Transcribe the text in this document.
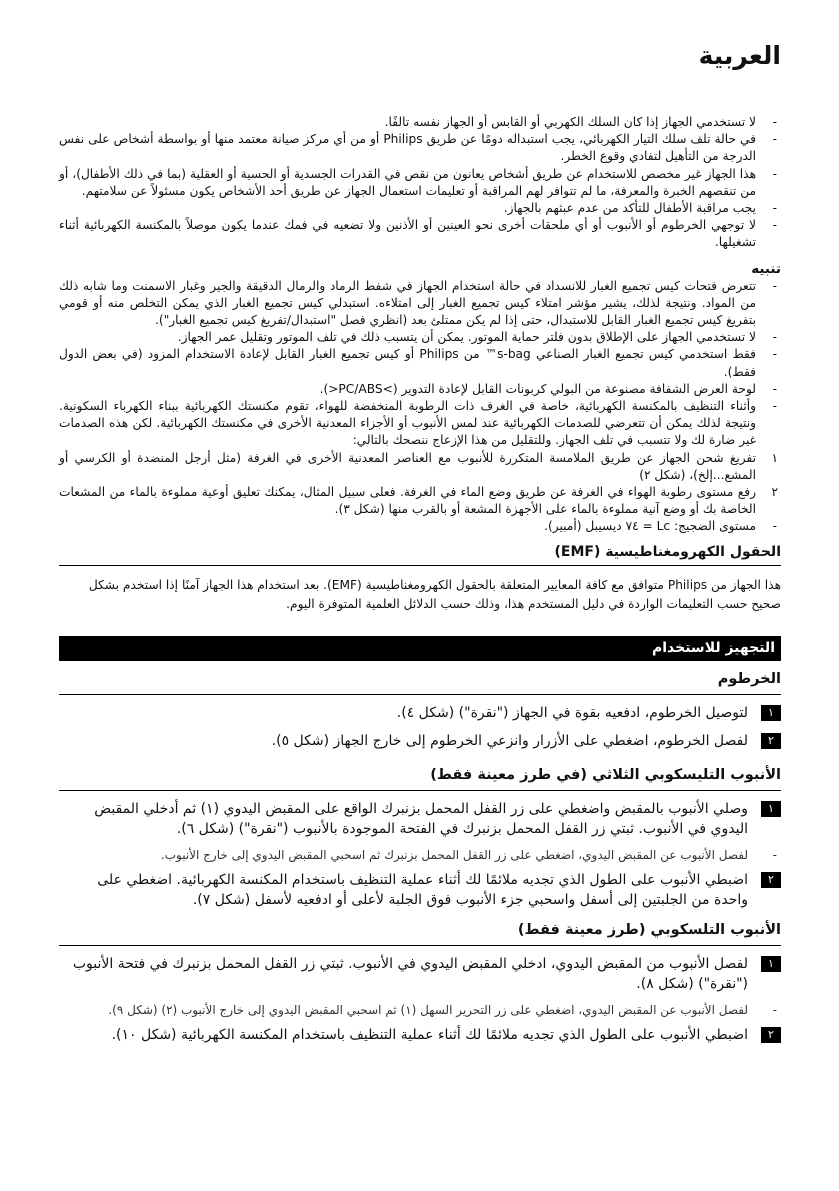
العربية
- لا تستخدمي الجهاز إذا كان السلك الكهربي أو القابس أو الجهاز نفسه تالفًا.
- في حالة تلف سلك التيار الكهربائي، يجب استبداله دومًا عن طريق Philips أو من أي مركز صيانة معتمد منها أو بواسطة أشخاص على نفس الدرجة من التأهيل لتفادي وقوع الخطر.
- هذا الجهاز غير مخصص للاستخدام عن طريق أشخاص يعانون من نقص في القدرات الجسدية أو الحسية أو العقلية (بما في ذلك الأطفال)، أو من تنقصهم الخبرة والمعرفة، ما لم تتوافر لهم المراقبة أو تعليمات استعمال الجهاز عن طريق أحد الأشخاص يكون مسئولاً عن سلامتهم.
- يجب مراقبة الأطفال للتأكد من عدم عبثهم بالجهاز.
- لا توجهي الخرطوم أو الأنبوب أو أي ملحقات أخرى نحو العينين أو الأذنين ولا تضعيه في فمك عندما يكون موصلاً بالمكنسة الكهربائية أثناء تشغيلها.
تنبيه
- تتعرض فتحات كيس تجميع الغبار للانسداد في حالة استخدام الجهاز في شفط الرماد والرمال الدقيقة والجير وغبار الاسمنت وما شابه ذلك من المواد. ونتيجة لذلك، يشير مؤشر امتلاء كيس تجميع الغبار إلى امتلاءه. استبدلي كيس تجميع الغبار الذي يمكن التخلص منه أو قومي بتفريغ كيس تجميع الغبار القابل للاستبدال، حتى إذا لم يكن ممتلئ بعد (انظري فصل "استبدال/تفريغ كيس تجميع الغبار").
- لا تستخدمي الجهاز على الإطلاق بدون فلتر حماية الموتور. يمكن أن يتسبب ذلك في تلف الموتور وتقليل عمر الجهاز.
- فقط استخدمي كيس تجميع الغبار الصناعي s-bag™ من Philips أو كيس تجميع الغبار القابل لإعادة الاستخدام المزود (في بعض الدول فقط).
- لوحة العرض الشفافة مصنوعة من البولي كربونات القابل لإعادة التدوير (>PC/ABS<).
- وأثناء التنظيف بالمكنسة الكهربائية، خاصة في الغرف ذات الرطوبة المنخفضة للهواء، تقوم مكنستك الكهربائية ببناء الكهرباء السكونية. ونتيجة لذلك يمكن أن تتعرضي للصدمات الكهربائية عند لمس الأنبوب أو الأجزاء المعدنية الأخرى في مكنستك الكهربائية. لكن هذه الصدمات غير ضارة لك ولا تتسبب في تلف الجهاز. وللتقليل من هذا الإزعاج ننصحك بالتالي:
١
تفريغ شحن الجهاز عن طريق الملامسة المتكررة للأنبوب مع العناصر المعدنية الأخرى في الغرفة (مثل أرجل المنضدة أو الكرسي أو المشع...إلخ)، (شكل ٢)
٢
رفع مستوى رطوبة الهواء في الغرفة عن طريق وضع الماء في الغرفة. فعلى سبيل المثال، يمكنك تعليق أوعية مملوءة بالماء من المشعات الخاصة بك أو وضع آنية مملوءة بالماء على الأجهزة المشعة أو بالقرب منها (شكل ٣).
- مستوى الضجيج: Lc = ٧٤ ديسيبل (أمبير).
الحقول الكهرومغناطيسية (EMF)
هذا الجهاز من Philips متوافق مع كافة المعايير المتعلقة بالحقول الكهرومغناطيسية (EMF). بعد استخدام هذا الجهاز آمنًا إذا استخدم بشكل صحيح حسب التعليمات الواردة في دليل المستخدم هذا، وذلك حسب الدلائل العلمية المتوفرة اليوم.
التجهيز للاستخدام
الخرطوم
١
لتوصيل الخرطوم، ادفعيه بقوة في الجهاز ("نقرة") (شكل ٤).
٢
لفصل الخرطوم، اضغطي على الأزرار وانزعي الخرطوم إلى خارج الجهاز (شكل ٥).
الأنبوب التليسكوبي الثلاثي (في طرز معينة فقط)
١
وصلي الأنبوب بالمقبض واضغطي على زر القفل المحمل بزنبرك الواقع على المقبض اليدوي (١) ثم أدخلي المقبض اليدوي في الأنبوب. ثبتي زر القفل المحمل بزنبرك في الفتحة الموجودة بالأنبوب ("نقرة") (شكل ٦).
- لفصل الأنبوب عن المقبض اليدوي، اضغطي على زر القفل المحمل بزنبرك ثم اسحبي المقبض اليدوي إلى خارج الأنبوب.
٢
اضبطي الأنبوب على الطول الذي تجديه ملائمًا لك أثناء عملية التنظيف باستخدام المكنسة الكهربائية. اضغطي على واحدة من الجلبتين إلى أسفل واسحبي جزء الأنبوب فوق الجلبة لأعلى أو ادفعيه لأسفل (شكل ٧).
الأنبوب التلسكوبي (طرز معينة فقط)
١
لفصل الأنبوب من المقبض اليدوي، ادخلي المقبض اليدوي في الأنبوب. ثبتي زر القفل المحمل بزنبرك في فتحة الأنبوب ("نقرة") (شكل ٨).
- لفصل الأنبوب عن المقبض اليدوي، اضغطي على زر التحرير السهل (١) ثم اسحبي المقبض اليدوي إلى خارج الأنبوب (٢) (شكل ٩).
٢
اضبطي الأنبوب على الطول الذي تجديه ملائمًا لك أثناء عملية التنظيف باستخدام المكنسة الكهربائية (شكل ١٠).
